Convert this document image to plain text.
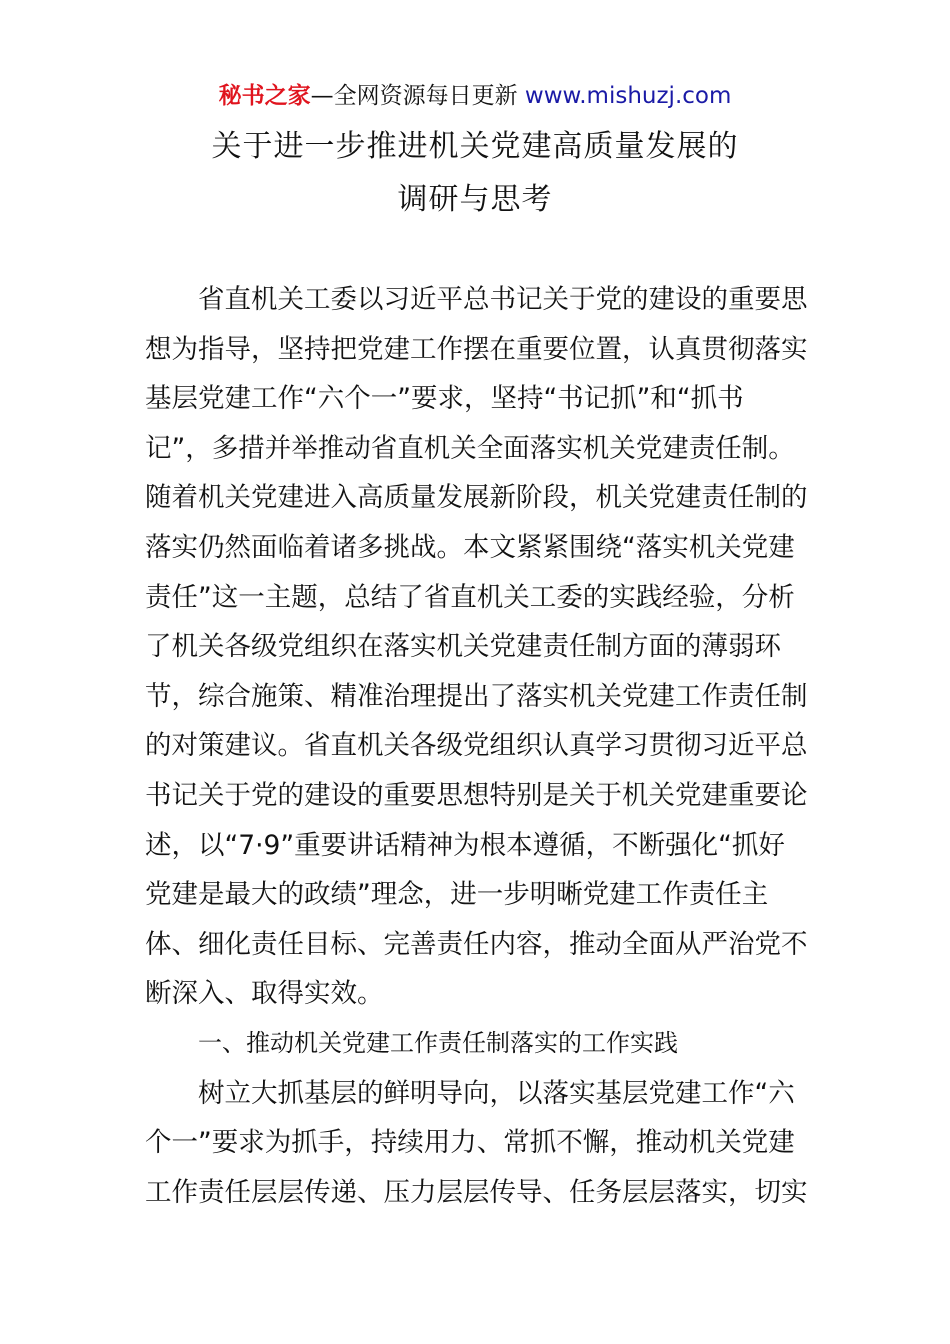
秘书之家—全网资源每日更新 www.mishuzj.com
关于进一步推进机关党建高质量发展的
调研与思考
省直机关工委以习近平总书记关于党的建设的重要思
想为指导，坚持把党建工作摆在重要位置，认真贯彻落实
基层党建工作“六个一”要求，坚持“书记抓”和“抓书
记”，多措并举推动省直机关全面落实机关党建责任制。
随着机关党建进入高质量发展新阶段，机关党建责任制的
落实仍然面临着诸多挑战。本文紧紧围绕“落实机关党建
责任”这一主题，总结了省直机关工委的实践经验，分析
了机关各级党组织在落实机关党建责任制方面的薄弱环
节，综合施策、精准治理提出了落实机关党建工作责任制
的对策建议。省直机关各级党组织认真学习贯彻习近平总
书记关于党的建设的重要思想特别是关于机关党建重要论
述，以“7·9”重要讲话精神为根本遵循，不断强化“抓好
党建是最大的政绩”理念，进一步明晰党建工作责任主
体、细化责任目标、完善责任内容，推动全面从严治党不
断深入、取得实效。
一、推动机关党建工作责任制落实的工作实践
树立大抓基层的鲜明导向，以落实基层党建工作“六
个一”要求为抓手，持续用力、常抓不懈，推动机关党建
工作责任层层传递、压力层层传导、任务层层落实，切实
